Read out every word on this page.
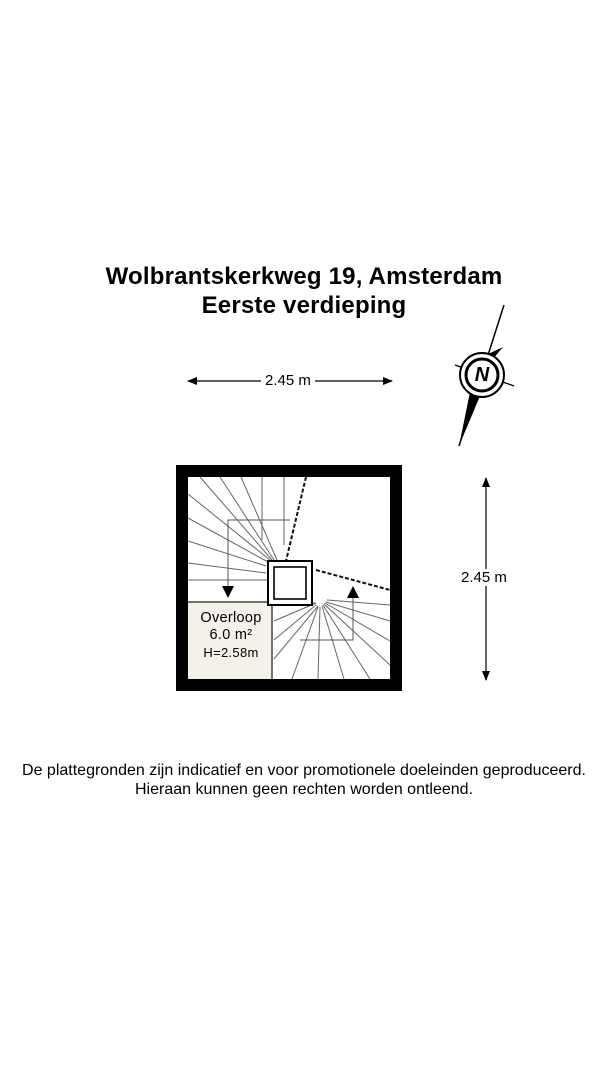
Wolbrantskerkweg 19, Amsterdam
Eerste verdieping
N
2.45 m
2.45 m
Overloop
6.0 m²
H=2.58m
De plattegronden zijn indicatief en voor promotionele doeleinden geproduceerd.
Hieraan kunnen geen rechten worden ontleend.
